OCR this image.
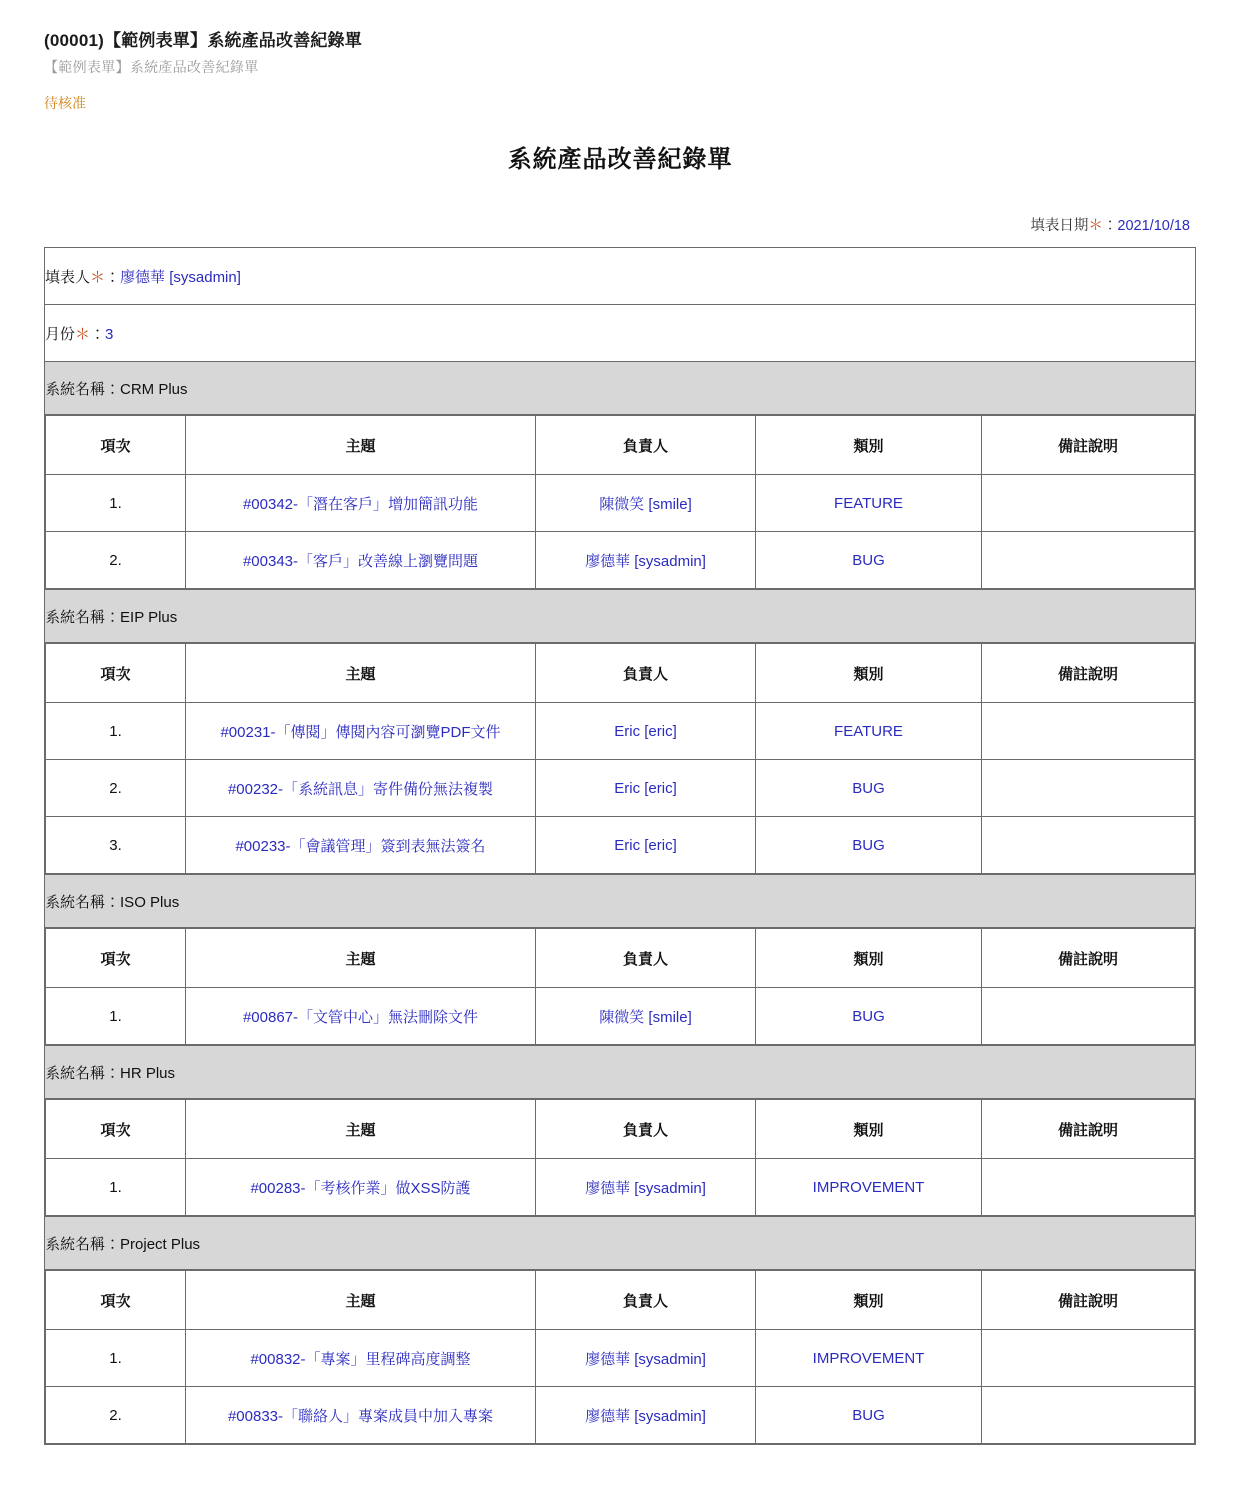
(00001)【範例表單】系統產品改善紀錄單
【範例表單】系統產品改善紀錄單
待核准
系統產品改善紀錄單
填表日期＊：2021/10/18
填表人＊：廖德華 [sysadmin]
月份＊：3
系統名稱：CRM Plus

項次	主題	負責人	類別	備註說明
1.	#00342-「潛在客戶」增加簡訊功能	陳微笑 [smile]	FEATURE	
2.	#00343-「客戶」改善線上瀏覽問題	廖德華 [sysadmin]	BUG	

系統名稱：EIP Plus

項次	主題	負責人	類別	備註說明
1.	#00231-「傳閱」傳閱內容可瀏覽PDF文件	Eric [eric]	FEATURE	
2.	#00232-「系統訊息」寄件備份無法複製	Eric [eric]	BUG	
3.	#00233-「會議管理」簽到表無法簽名	Eric [eric]	BUG	

系統名稱：ISO Plus

項次	主題	負責人	類別	備註說明
1.	#00867-「文管中心」無法刪除文件	陳微笑 [smile]	BUG	

系統名稱：HR Plus

項次	主題	負責人	類別	備註說明
1.	#00283-「考核作業」做XSS防護	廖德華 [sysadmin]	IMPROVEMENT	

系統名稱：Project Plus

項次	主題	負責人	類別	備註說明
1.	#00832-「專案」里程碑高度調整	廖德華 [sysadmin]	IMPROVEMENT	
2.	#00833-「聯絡人」專案成員中加入專案	廖德華 [sysadmin]	BUG	
